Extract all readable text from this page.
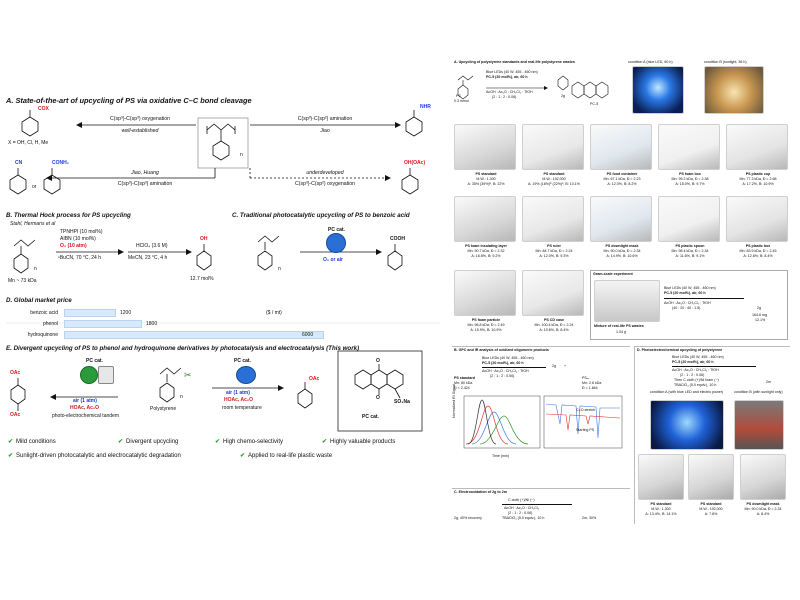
A. State-of-the-art of upcycling of PS via oxidative C–C bond cleavage
COX
X = OH, Cl, H, Me
C(sp³)-C(sp³) oxygenation
well-established
C(sp³)-C(sp²) amination
Jiao
NHR
n
CN
or
CONH₂
Jiao, Huang
C(sp³)-C(sp³) amination
underdeveloped
C(sp³)-C(sp²) oxygenation
OH(OAc)
B. Thermal Hock process for PS upcycling
Stahl, Hermans et al
n
TPNHPI (10 mol%)
AIBN (10 mol%)
O₂ (10 atm)
ⁿBuCN, 70 °C, 24 h
HClO₄ (3.6 M)
MeCN, 23 °C, 4 h
OH
12.7 mol%
Mn ~ 73 kDa
C. Traditional photocatalytic upcycling of PS to benzoic acid
n
PC cat.
O₂ or air
COOH
D. Global market price
benzoic acid	1200
phenol	1800
hydroquinone	6000
($ / mt)
E. Divergent upcycling of PS to phenol and hydroquinone derivatives by photocatalysis and electrocatalysis (This work)
OAc
OAc
PC cat.
air (1 atm)
HOAc, Ac₂O
photo-electrochemical tandem
n
✂
Polystyrene
PC cat.
air (1 atm)
HOAc, Ac₂O
room temperature
OAc
O
O
SO₃Na
PC cat.
✔ Mild conditions	✔ Divergent upcycling	✔ High chemo-selectivity	✔ Highly valuable products
✔ Sunlight-driven photocatalytic and electrocatalytic degradation	✔ Applied to real-life plastic waste
A. Upcycling of polystyrene standards and real-life polystyrene wastes
PS
0.3 mmol
Blue LEDs (40 W, 455 - 460 nm)
PC-5 (20 mol%), air, 60 h
AcOH : Ac₂O : CH₂Cl₂ : TfOH
(2 : 1 : 2 : 0.06)	2g
PC-5
condition A (blue LED, 60 h)	condition B (sunlight, 36 h)
PS standard
M.W.: 1,300
A: 35% (39%)ᵇ, B: 22%
PS standard
M.W.: 192,000
A: 19% (16%)ᵇ (22%)ᶜ, B: 10.1%
PS food container
Mn: 67.1 kDa, Ð = 2.23
A: 12.0%, B: 8.2%
PS foam box
Mn: 99.2 kDa, Ð = 2.38
A: 15.0%, B: 9.7%
PS plastic cup
Mn: 77.3 kDa, Ð = 2.68
A: 17.2%, B: 10.9%
PS foam insulating layer
Mn: 90.7 kDa, Ð = 2.32
A: 16.8%, B: 9.2%
PS ruler
Mn: 84.7 kDa, Ð = 2.24
A: 12.0%, B: 9.3%
PS downlight mask
Mn: 90.0 kDa, Ð = 2.34
A: 14.9%, B: 10.6%
PS plastic spoon
Mn: 98.4 kDa, Ð = 2.34
A: 11.6%, B: 9.1%
PS plastic box
Mn: 83.9 kDa, Ð = 2.45
A: 12.6%, B: 8.4%
PS foam particle
Mn: 96.8 kDa, Ð = 2.49
A: 15.9%, B: 10.9%
PS CD case
Mn: 100.4 kDa, Ð = 2.24
A: 10.6%, B: 8.4%
Gram-scale experiment
Mixture of real-life PS wastes
1.04 g
Blue LEDs (40 W, 455 - 460 nm)
PC-5 (20 mol%), air, 60 h
AcOH : Ac₂O : CH₂Cl₂ : TfOH
(40 : 20 : 40 : 1.5)	2g
164.6 mg
12.1%
B. GPC and IR analysis of oxidized oligomeric products
PS standard
Mn: 80 kDa
Ð = 2.424
Blue LEDs (40 W, 455 - 460 nm)
PC-5 (20 mol%), air, 60 h
AcOH : Ac₂O : CH₂Cl₂ : TfOH
(2 : 1 : 2 : 0.06)
2g +
PSₒₓ
Mn: 2.6 kDa
Ð = 1.664
Time (min)
Normalized RI Signal	C=O stretch
Starting PS
C. Electrooxidation of 2g to 2m
C cloth (+)/Ni (−)
AcOH : Ac₂O : CH₂Cl₂
(2 : 1 : 2 : 0.06)
TBAClO₄ (5.0 equiv.), 10 h
2g, 40% recovery	2m, 30%
D. Photoelectrochemical upcycling of polystyrene
Blue LEDs (40 W, 455 - 460 nm)
PC-5 (20 mol%), air, 60 h
AcOH : Ac₂O : CH₂Cl₂ : TfOH
(2 : 1 : 2 : 0.06)
Then C cloth (+)/Ni foam (−)
TBAClO₄ (5.0 equiv.), 10 h
2m
condition A (with blue LED and electric power)	condition B (with sunlight only)
PS standard
M.W.: 1,300
A: 13.4%, B: 14.1%
PS standard
M.W.: 192,000
A: 7.8%
PS downlight mask
Mn: 90.0 kDa, Ð = 2.34
A: 8.4%
